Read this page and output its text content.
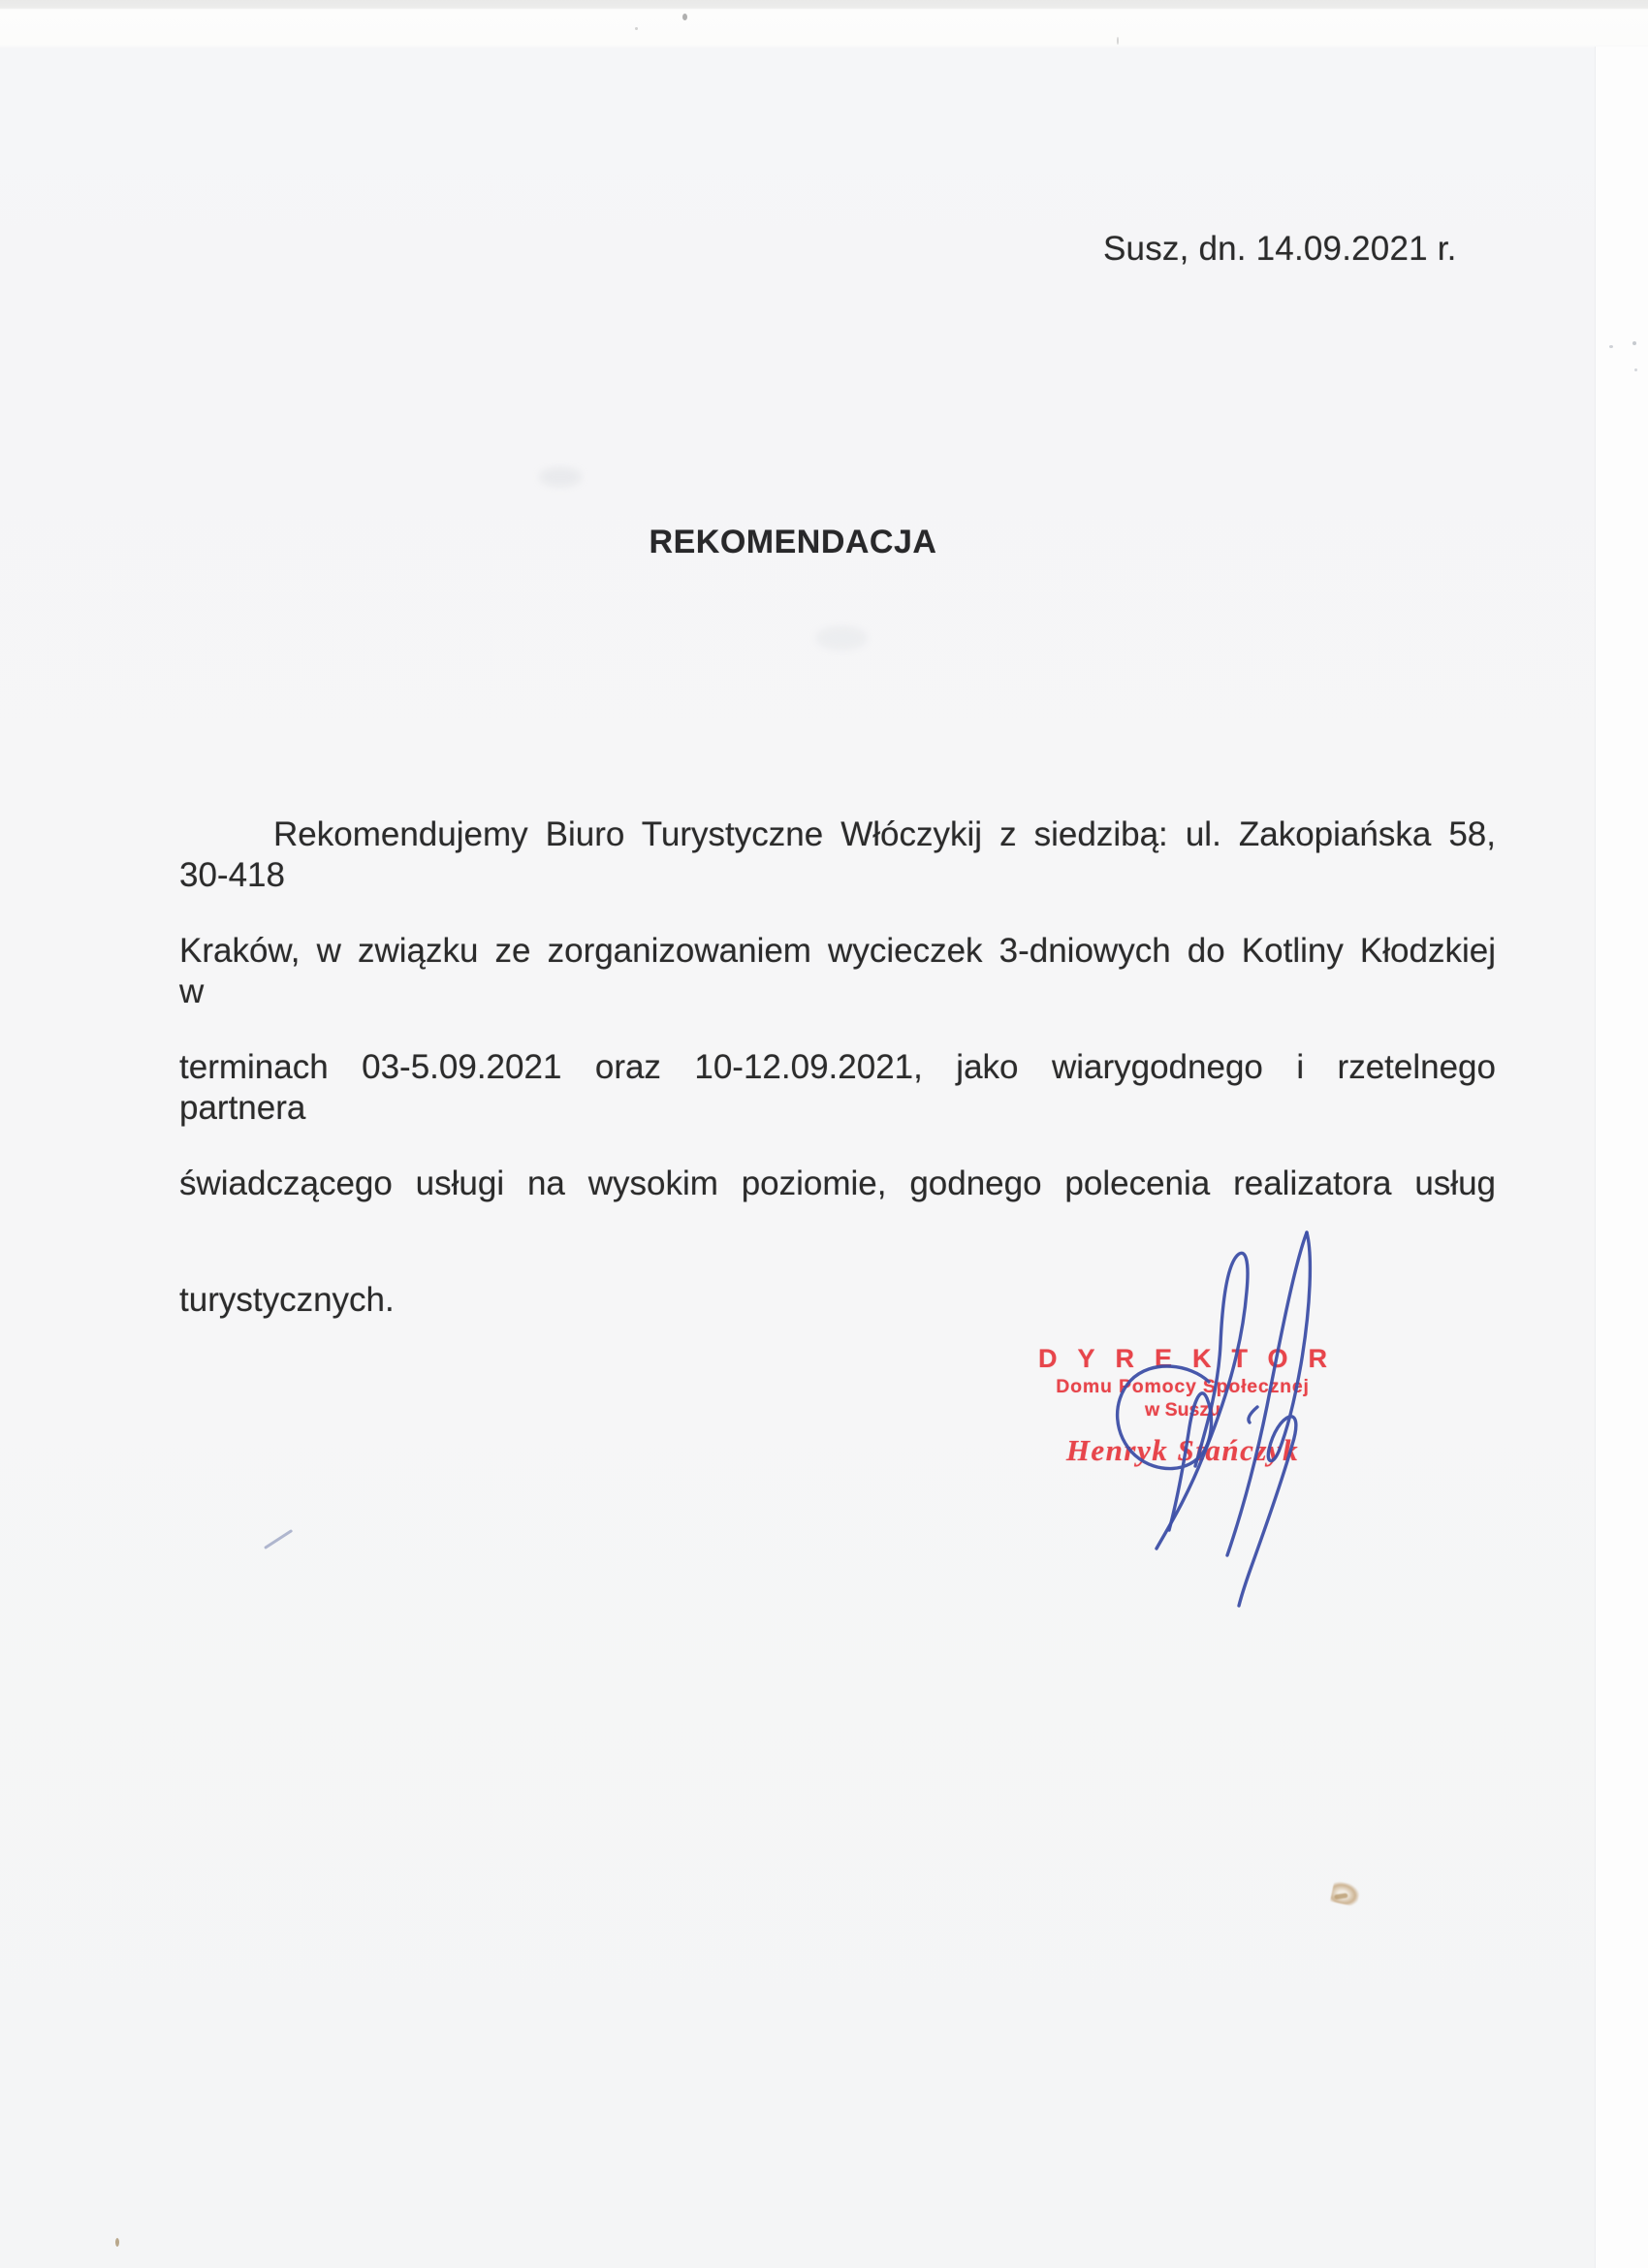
Susz, dn. 14.09.2021 r.
REKOMENDACJA
Rekomendujemy Biuro Turystyczne Włóczykij z siedzibą: ul. Zakopiańska 58, 30-418
Kraków, w związku ze zorganizowaniem wycieczek 3-dniowych do Kotliny Kłodzkiej w
terminach 03-5.09.2021 oraz 10-12.09.2021, jako wiarygodnego i rzetelnego partnera
świadczącego usługi na wysokim poziomie, godnego polecenia realizatora usług
turystycznych.
DYREKTOR
Domu Pomocy Społecznej
w Suszu
Henryk Stańczyk
